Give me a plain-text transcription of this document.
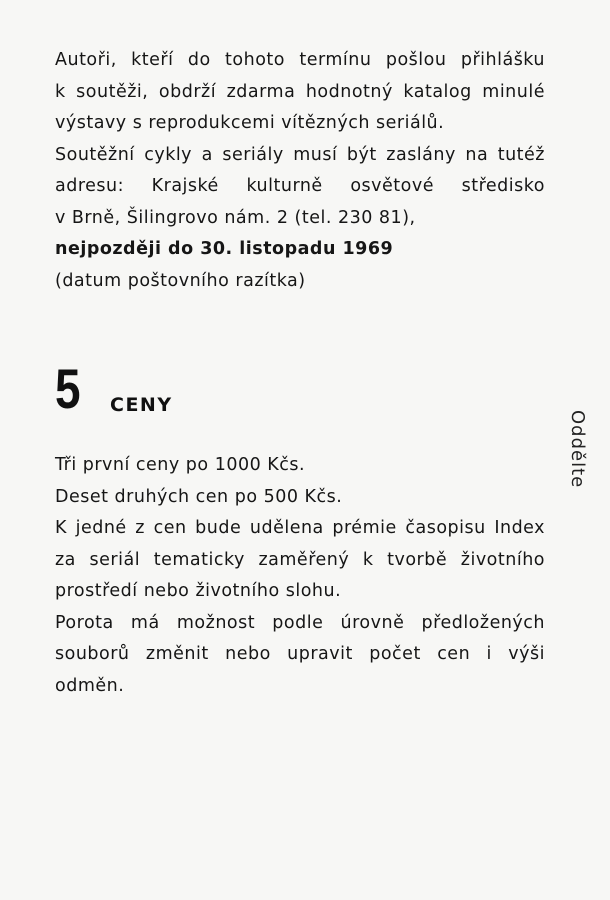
Autoři, kteří do tohoto termínu pošlou přihlášku
k soutěži, obdrží zdarma hodnotný katalog minulé
výstavy s reprodukcemi vítězných seriálů.
Soutěžní cykly a seriály musí být zaslány na tutéž
adresu: Krajské kulturně osvětové středisko
v Brně, Šilingrovo nám. 2 (tel. 230 81),
nejpozději do 30. listopadu 1969
(datum poštovního razítka)
5 CENY
Tři první ceny po 1000 Kčs.
Deset druhých cen po 500 Kčs.
K jedné z cen bude udělena prémie časopisu Index
za seriál tematicky zaměřený k tvorbě životního
prostředí nebo životního slohu.
Porota má možnost podle úrovně předložených
souborů změnit nebo upravit počet cen i výši
odměn.
Oddělte
